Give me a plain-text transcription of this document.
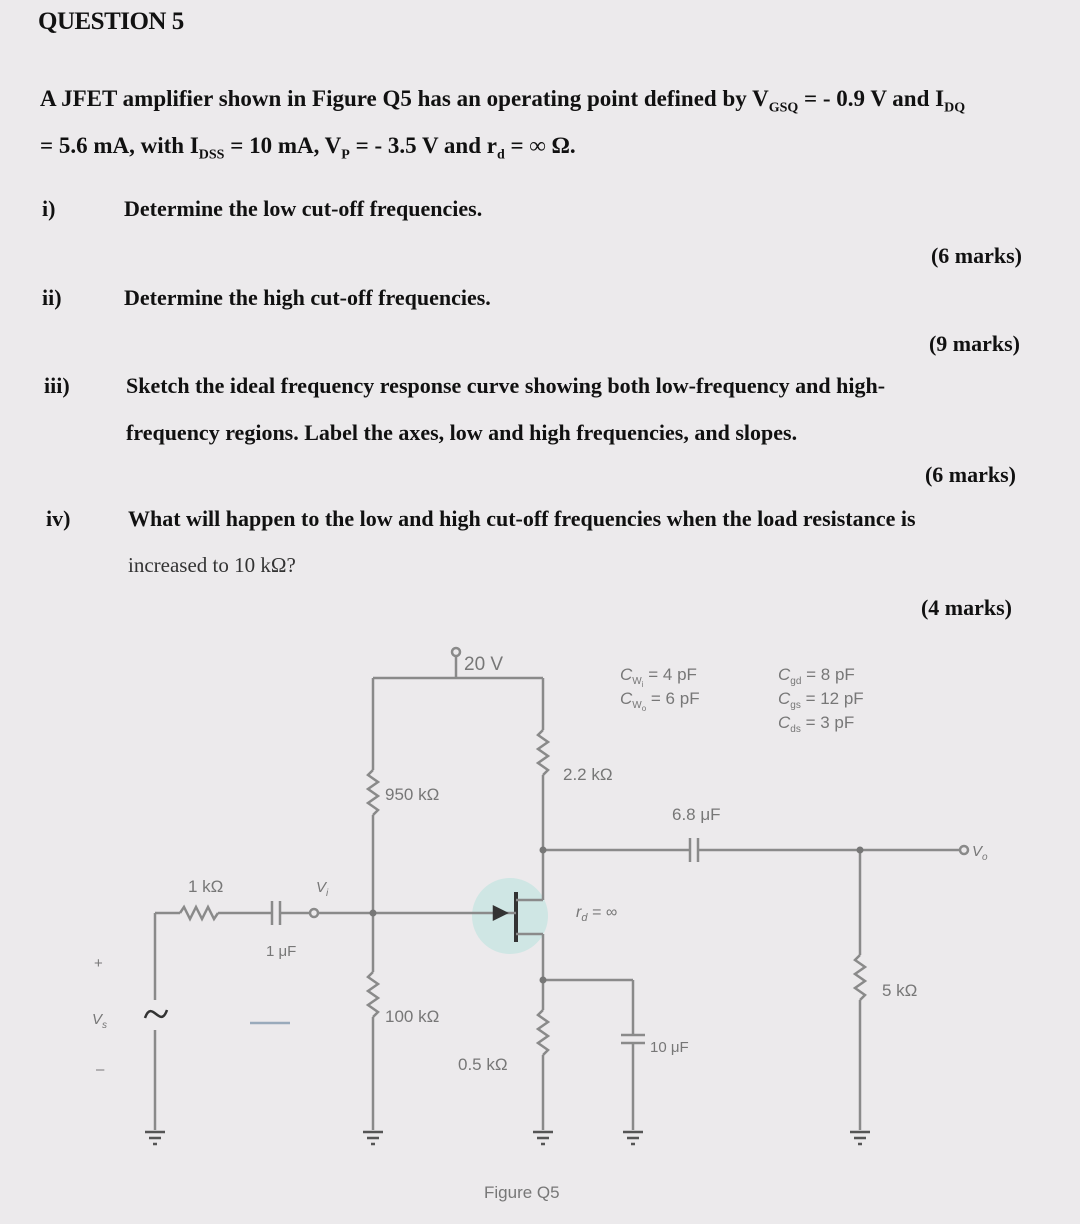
QUESTION 5
A JFET amplifier shown in Figure Q5 has an operating point defined by $V_{GSQ}$ = - 0.9 V and $I_{DQ}$
= 5.6 mA, with $I_{DSS} = 10$ mA, $V_P$ = - 3.5 V and $r_d$ = ∞ Ω.
i)	Determine the low cut-off frequencies.
(6 marks)
ii)	Determine the high cut-off frequencies.
(9 marks)
iii)	Sketch the ideal frequency response curve showing both low-frequency and high-
frequency regions. Label the axes, low and high frequencies, and slopes.
(6 marks)
iv)	What will happen to the low and high cut-off frequencies when the load resistance is
increased to 10 kΩ?
(4 marks)
20 V
1 kΩ
1 μF
950 kΩ
100 kΩ
2.2 kΩ
0.5 kΩ
6.8 μF
10 μF
5 kΩ
$r_d$ = ∞
$V_i$
$V_o$
$V_s$
+
–
$C_Wi = 4$ pF
$C_Wo = 6$ pF
$C_{gd} = 8$ pF
$C_{gs} = 12$ pF
$C_{ds} = 3$ pF
Figure Q5
